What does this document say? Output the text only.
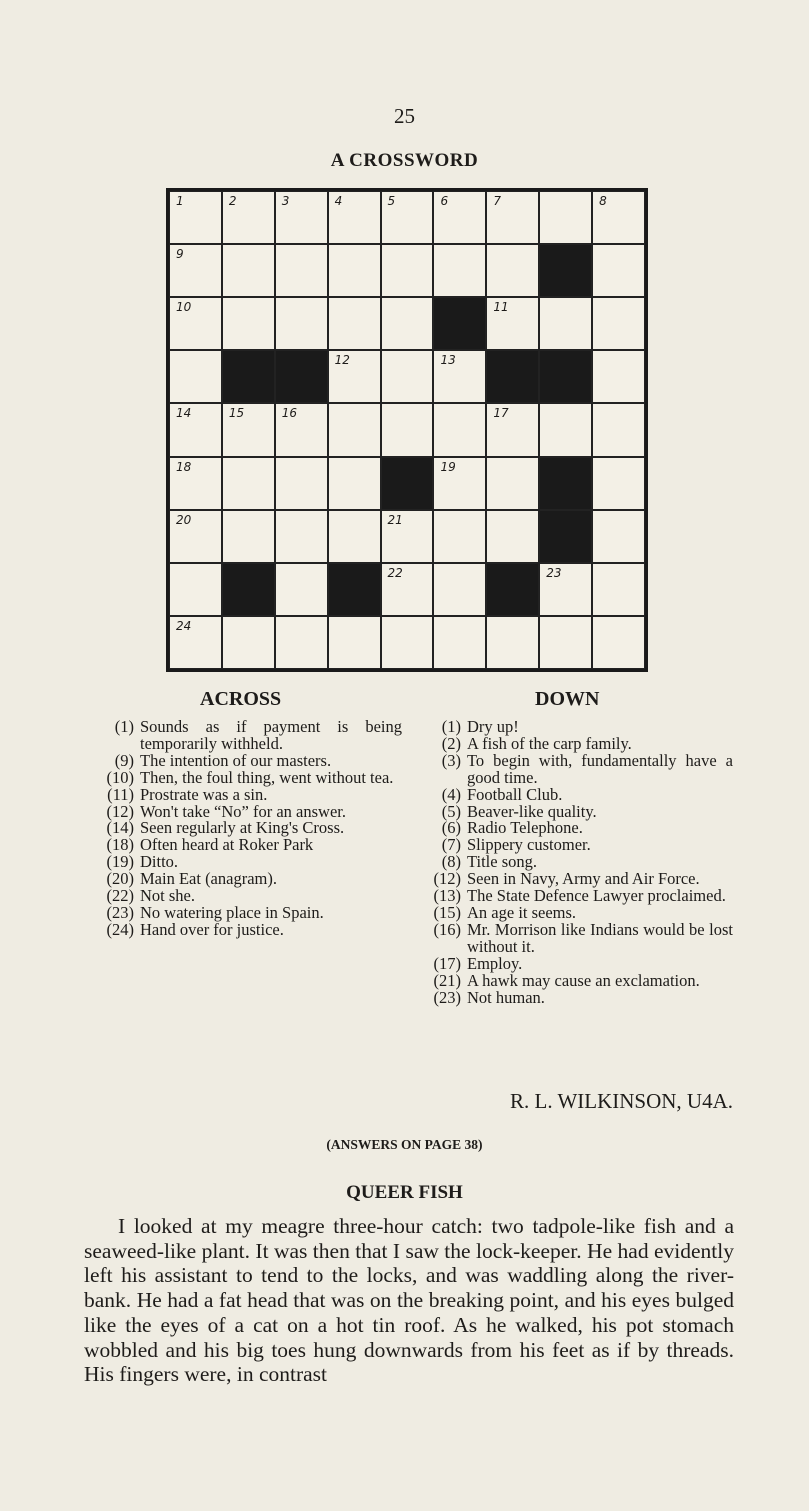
25
A CROSSWORD
1	2	3	4	5	6	7	8
9
10	11
12	13
14	15	16	17
18	19
20	21
22	23
24
ACROSS	DOWN
(1) Sounds as if payment is being temporarily withheld.
(9) The intention of our masters.
(10) Then, the foul thing, went without tea.
(11) Prostrate was a sin.
(12) Won't take “No” for an answer.
(14) Seen regularly at King's Cross.
(18) Often heard at Roker Park
(19) Ditto.
(20) Main Eat (anagram).
(22) Not she.
(23) No watering place in Spain.
(24) Hand over for justice.
(1) Dry up!
(2) A fish of the carp family.
(3) To begin with, fundamentally have a good time.
(4) Football Club.
(5) Beaver-like quality.
(6) Radio Telephone.
(7) Slippery customer.
(8) Title song.
(12) Seen in Navy, Army and Air Force.
(13) The State Defence Lawyer proclaimed.
(15) An age it seems.
(16) Mr. Morrison like Indians would be lost without it.
(17) Employ.
(21) A hawk may cause an exclamation.
(23) Not human.
R. L. WILKINSON, U4A.
(ANSWERS ON PAGE 38)
QUEER FISH

I looked at my meagre three-hour catch: two tadpole-like fish and a seaweed-like plant. It was then that I saw the lock-keeper. He had evidently left his assistant to tend to the locks, and was waddling along the river-bank. He had a fat head that was on the breaking point, and his eyes bulged like the eyes of a cat on a hot tin roof. As he walked, his pot stomach wobbled and his big toes hung downwards from his feet as if by threads. His fingers were, in contrast
